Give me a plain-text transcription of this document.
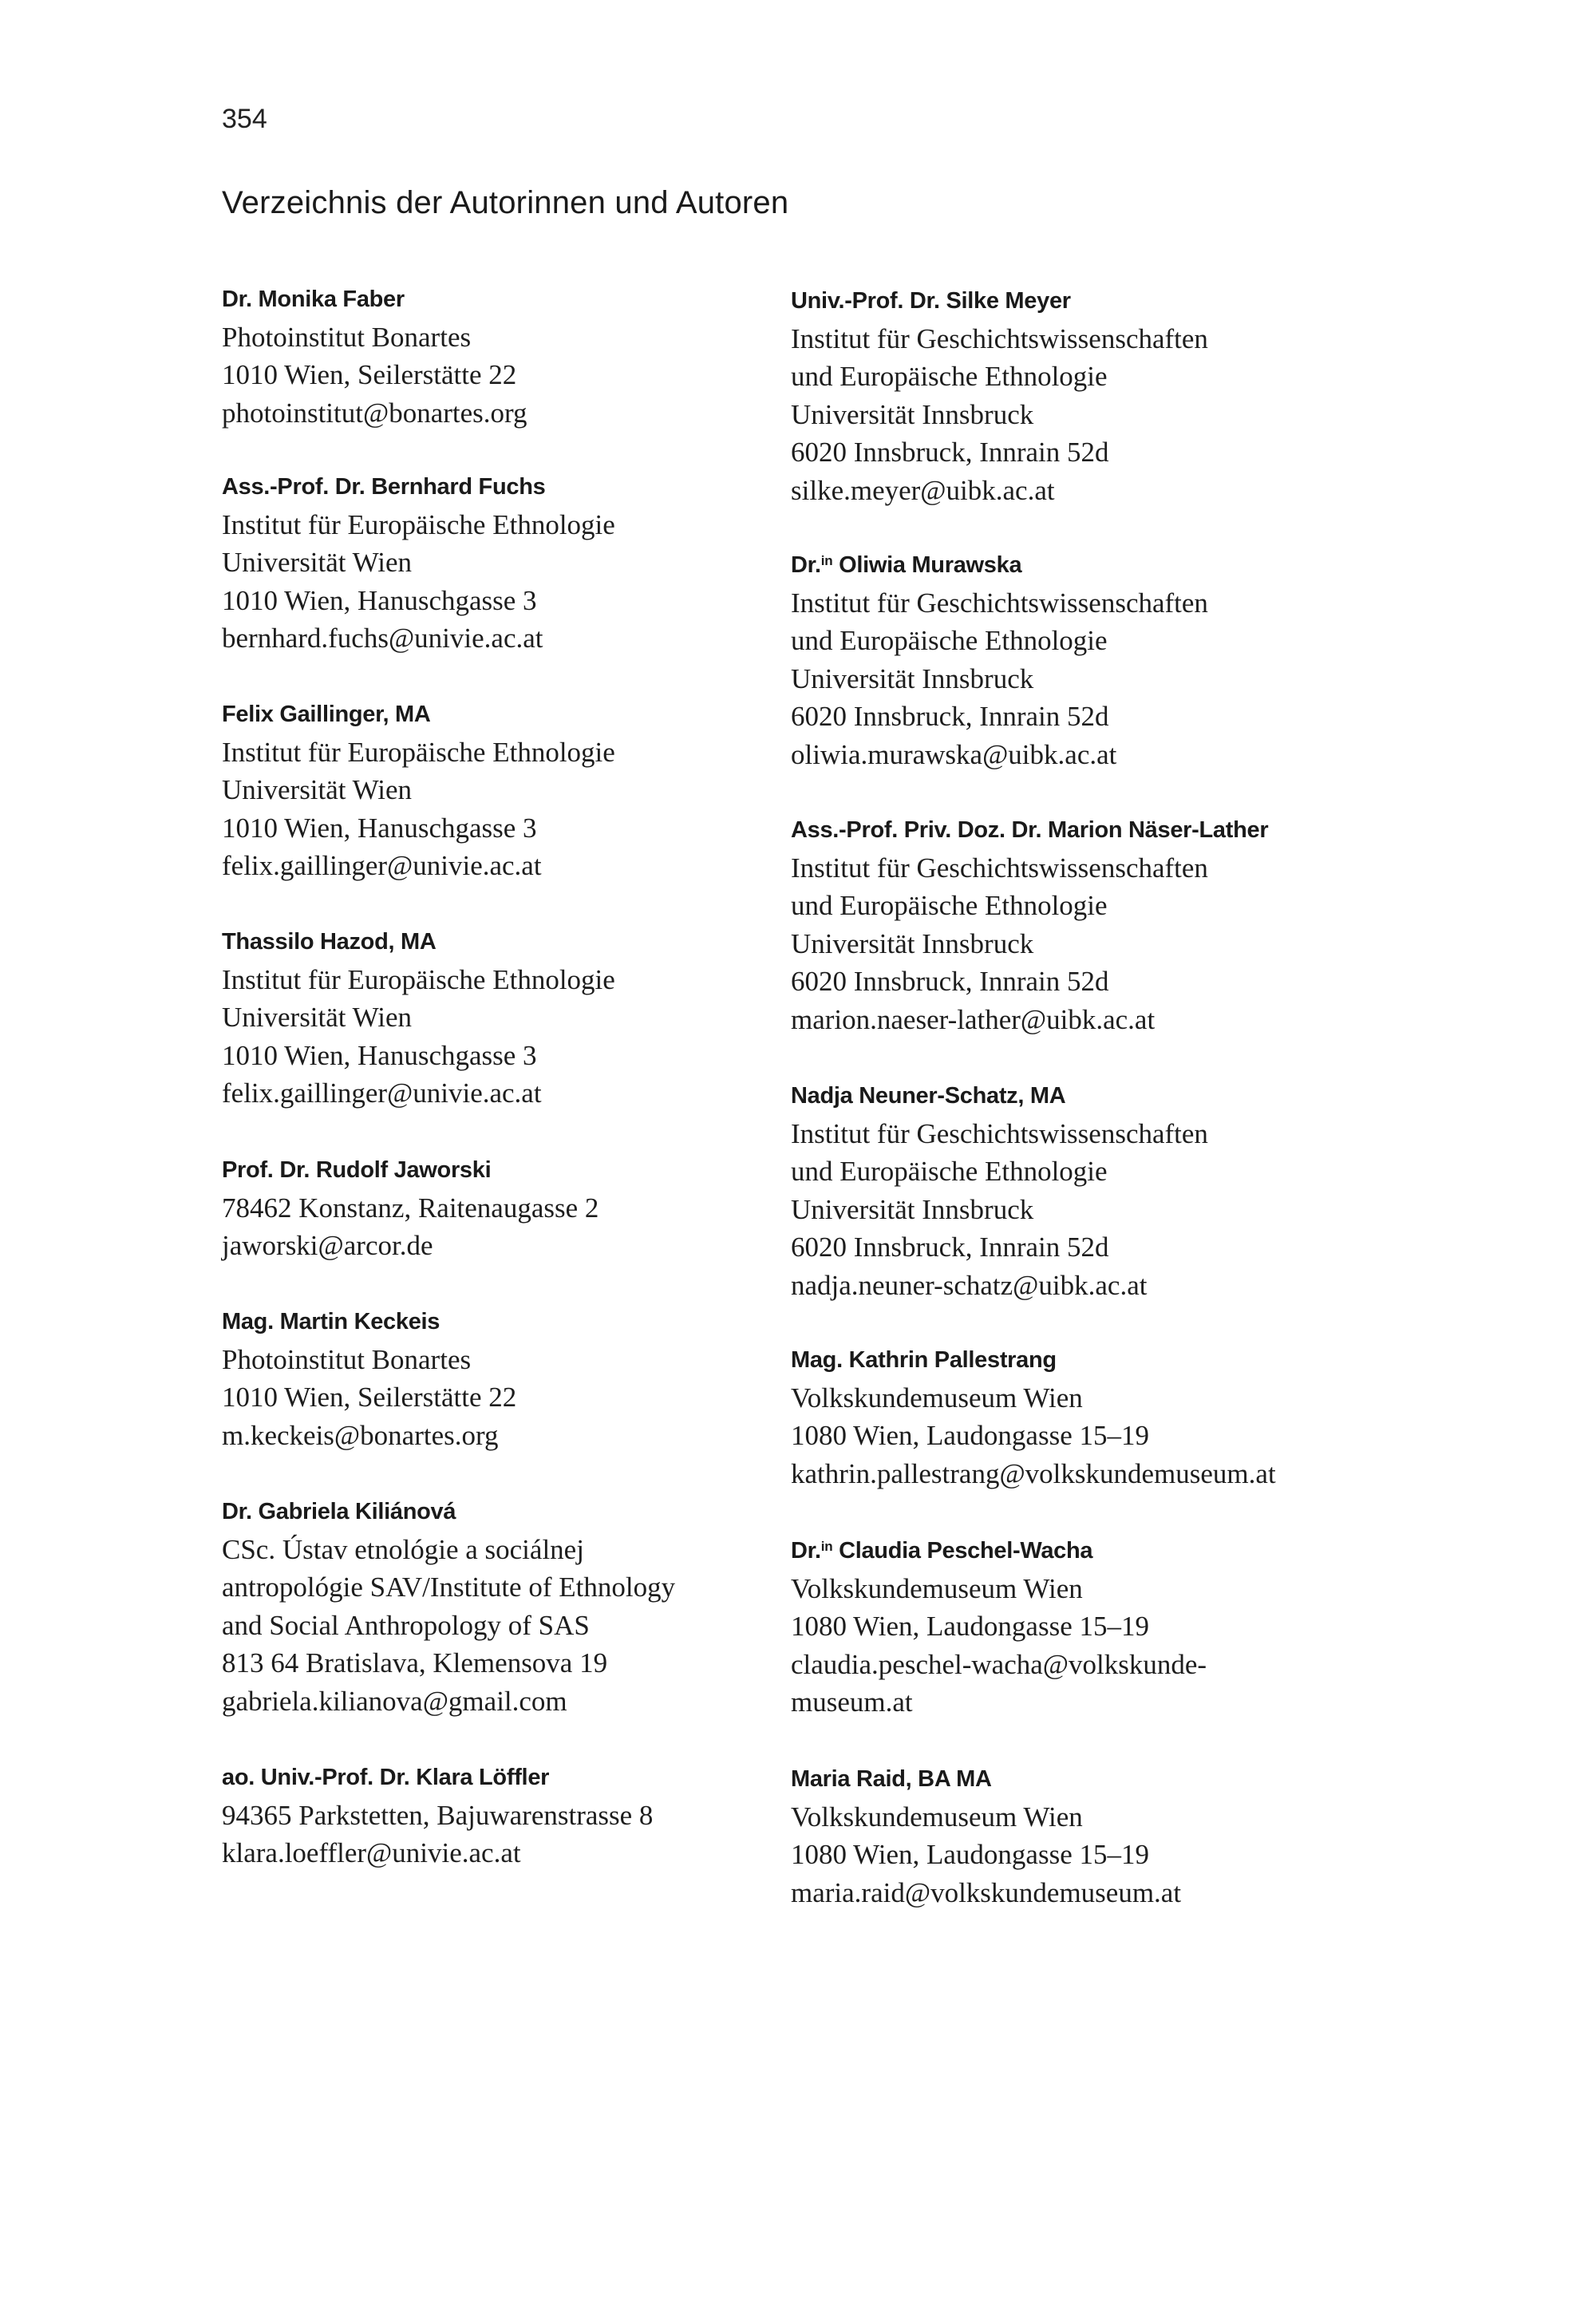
354
Verzeichnis der Autorinnen und Autoren
Dr. Monika Faber
Photoinstitut Bonartes
1010 Wien, Seilerstätte 22
photoinstitut@bonartes.org
Ass.-Prof. Dr. Bernhard Fuchs
Institut für Europäische Ethnologie
Universität Wien
1010 Wien, Hanuschgasse 3
bernhard.fuchs@univie.ac.at
Felix Gaillinger, MA
Institut für Europäische Ethnologie
Universität Wien
1010 Wien, Hanuschgasse 3
felix.gaillinger@univie.ac.at
Thassilo Hazod, MA
Institut für Europäische Ethnologie
Universität Wien
1010 Wien, Hanuschgasse 3
felix.gaillinger@univie.ac.at
Prof. Dr. Rudolf Jaworski
78462 Konstanz, Raitenaugasse 2
jaworski@arcor.de
Mag. Martin Keckeis
Photoinstitut Bonartes
1010 Wien, Seilerstätte 22
m.keckeis@bonartes.org
Dr. Gabriela Kiliánová
CSc. Ústav etnológie a sociálnej
antropológie SAV/Institute of Ethnology
and Social Anthropology of SAS
813 64 Bratislava, Klemensova 19
gabriela.kilianova@gmail.com
ao. Univ.-Prof. Dr. Klara Löffler
94365 Parkstetten, Bajuwarenstrasse 8
klara.loeffler@univie.ac.at
Univ.-Prof. Dr. Silke Meyer
Institut für Geschichtswissenschaften
und Europäische Ethnologie
Universität Innsbruck
6020 Innsbruck, Innrain 52d
silke.meyer@uibk.ac.at
Dr.$^{in}$ Oliwia Murawska
Institut für Geschichtswissenschaften
und Europäische Ethnologie
Universität Innsbruck
6020 Innsbruck, Innrain 52d
oliwia.murawska@uibk.ac.at
Ass.-Prof. Priv. Doz. Dr. Marion Näser-Lather
Institut für Geschichtswissenschaften
und Europäische Ethnologie
Universität Innsbruck
6020 Innsbruck, Innrain 52d
marion.naeser-lather@uibk.ac.at
Nadja Neuner-Schatz, MA
Institut für Geschichtswissenschaften
und Europäische Ethnologie
Universität Innsbruck
6020 Innsbruck, Innrain 52d
nadja.neuner-schatz@uibk.ac.at
Mag. Kathrin Pallestrang
Volkskundemuseum Wien
1080 Wien, Laudongasse 15–19
kathrin.pallestrang@volkskundemuseum.at
Dr.$^{in}$ Claudia Peschel-Wacha
Volkskundemuseum Wien
1080 Wien, Laudongasse 15–19
claudia.peschel-wacha@volkskunde-
museum.at
Maria Raid, BA MA
Volkskundemuseum Wien
1080 Wien, Laudongasse 15–19
maria.raid@volkskundemuseum.at
